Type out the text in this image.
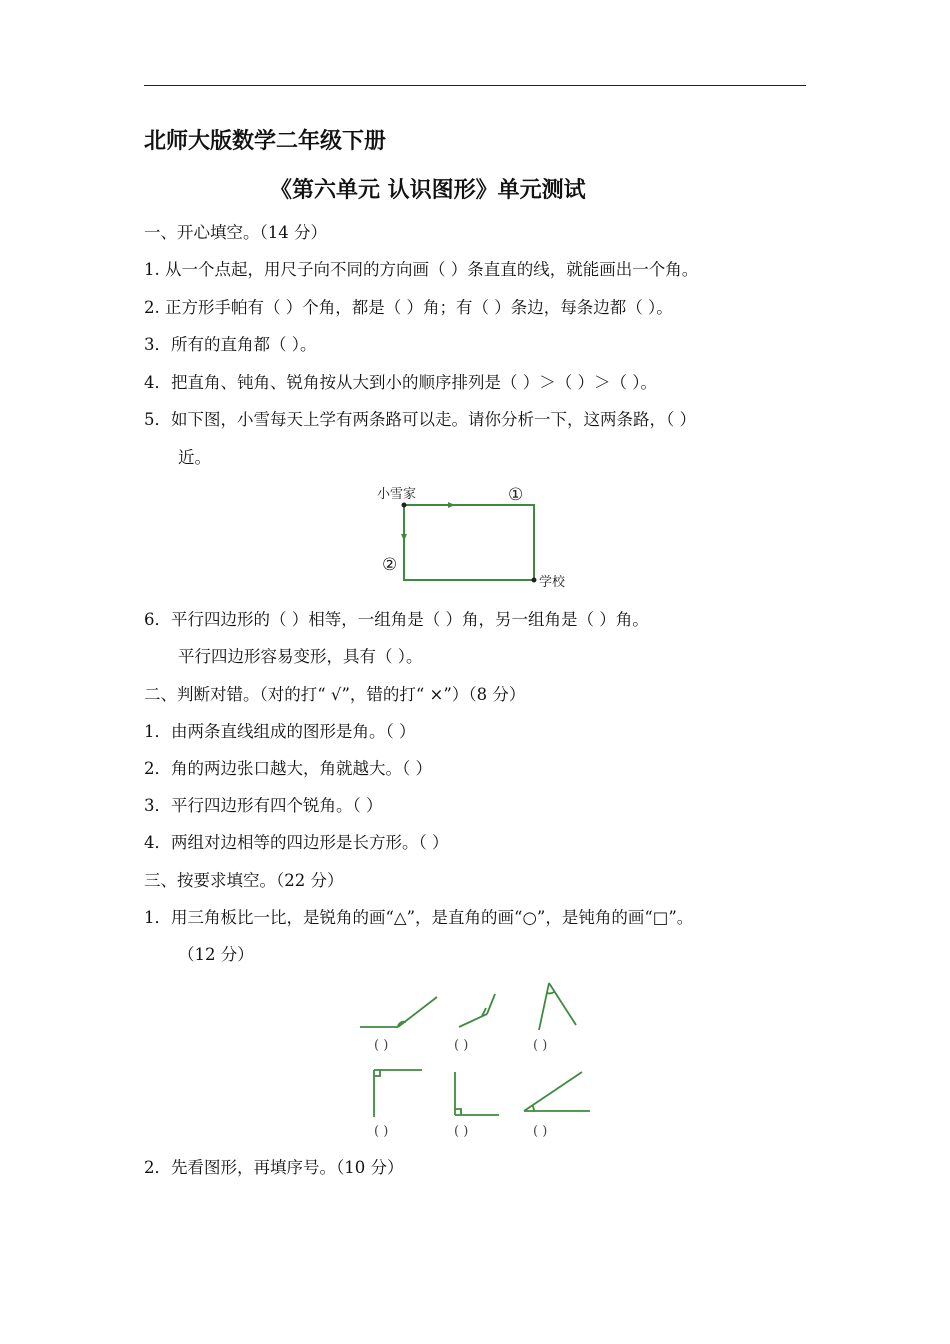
北师大版数学二年级下册
《第六单元 认识图形》单元测试
一、开心填空。（14 分）
1. 从一个点起，用尺子向不同的方向画（ ）条直直的线，就能画出一个角。
2. 正方形手帕有（ ）个角，都是（ ）角；有（ ）条边，每条边都（ ）。
3．所有的直角都（ ）。
4．把直角、钝角、锐角按从大到小的顺序排列是（ ）＞（ ）＞（ ）。
5．如下图，小雪每天上学有两条路可以走。请你分析一下，这两条路，（ ）
近。
小雪家
学校
①
②
6．平行四边形的（ ）相等，一组角是（ ）角，另一组角是（ ）角。
平行四边形容易变形，具有（ ）。
二、判断对错。（对的打“ √”，错的打“ ×”）（8 分）
1．由两条直线组成的图形是角。（ ）
2．角的两边张口越大，角就越大。（ ）
3．平行四边形有四个锐角。（ ）
4．两组对边相等的四边形是长方形。（ ）
三、按要求填空。（22 分）
1．用三角板比一比，是锐角的画“△”，是直角的画“○”，是钝角的画“□”。
（12 分）
( )	( )	( )
( )	( )	( )
2．先看图形，再填序号。（10 分）
